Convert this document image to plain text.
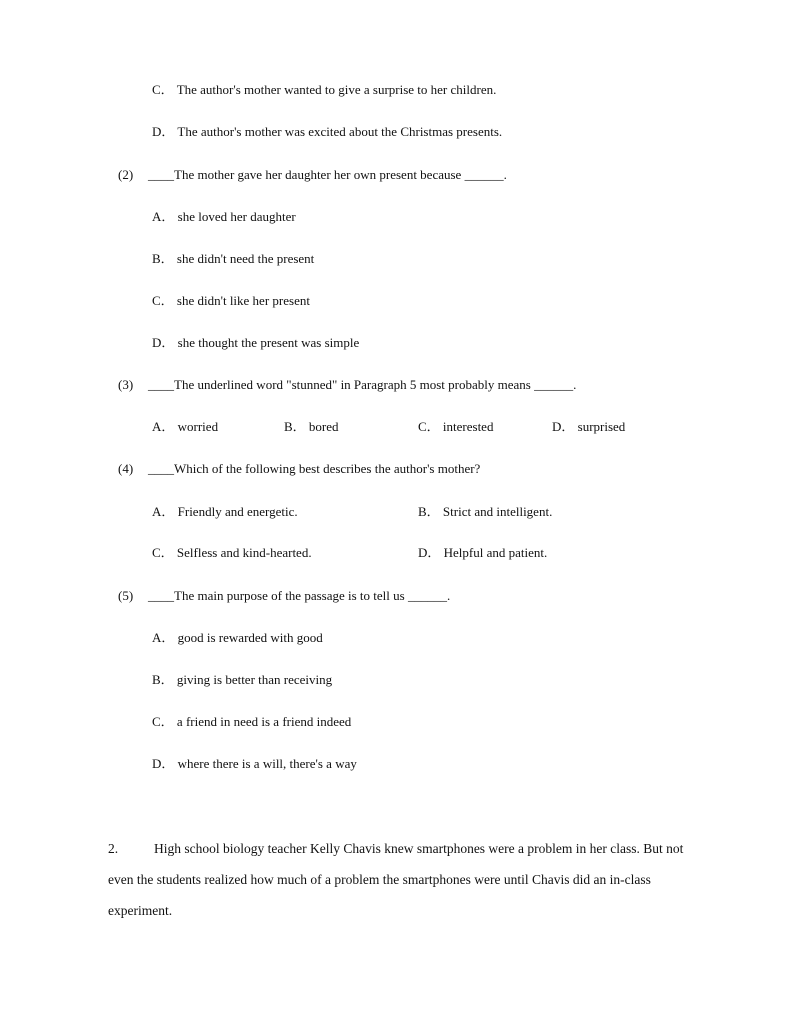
C． The author's mother wanted to give a surprise to her children.
D． The author's mother was excited about the Christmas presents.
(2) ____The mother gave her daughter her own present because ______.
A． she loved her daughter
B． she didn't need the present
C． she didn't like her present
D． she thought the present was simple
(3) ____The underlined word "stunned" in Paragraph 5 most probably means ______.
A． worried	B． bored	C． interested	D． surprised
(4) ____Which of the following best describes the author's mother?
A． Friendly and energetic.	B． Strict and intelligent.
C． Selfless and kind-hearted.	D． Helpful and patient.
(5) ____The main purpose of the passage is to tell us ______.
A． good is rewarded with good
B． giving is better than receiving
C． a friend in need is a friend indeed
D． where there is a will, there's a way
2.	High school biology teacher Kelly Chavis knew smartphones were a problem in her class. But not even the students realized how much of a problem the smartphones were until Chavis did an in-class experiment.
